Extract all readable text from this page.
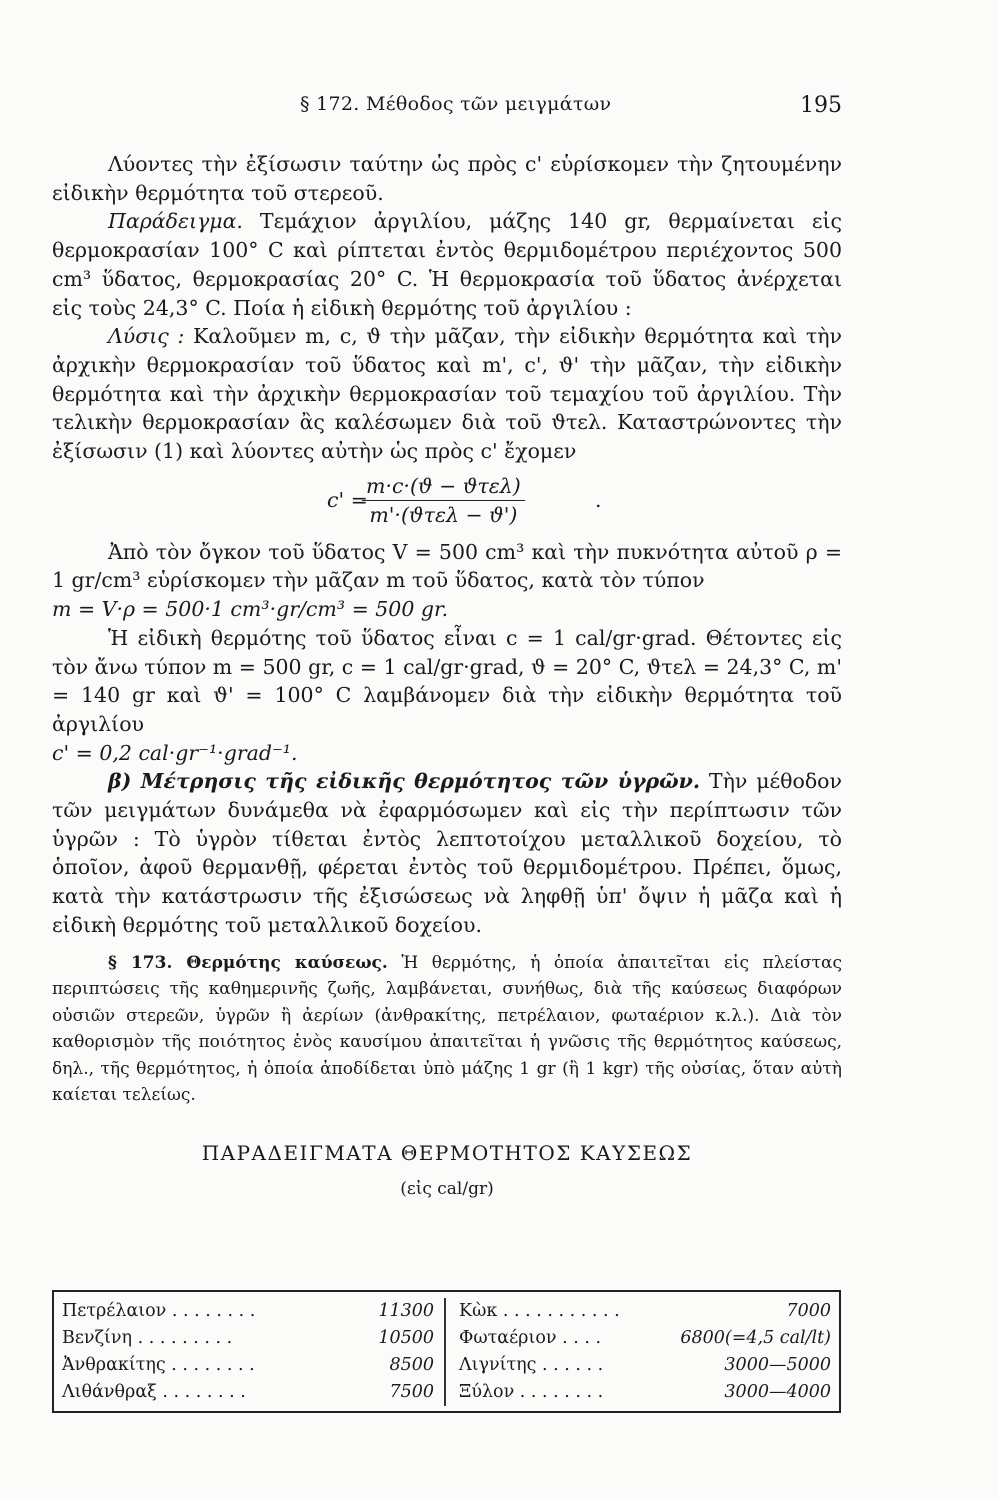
§ 172. Μέθοδος τῶν μειγμάτων	195

Λύοντες τὴν ἐξίσωσιν ταύτην ὡς πρὸς c' εὑρίσκομεν τὴν ζητουμένην εἰδικὴν θερμότητα τοῦ στερεοῦ.

Παράδειγμα. Τεμάχιον ἀργιλίου, μάζης 140 gr, θερμαίνεται εἰς θερμοκρασίαν 100° C καὶ ρίπτεται ἐντὸς θερμιδομέτρου περιέχοντος 500 cm³ ὕδατος, θερμοκρασίας 20° C. Ἡ θερμοκρασία τοῦ ὕδατος ἀνέρχεται εἰς τοὺς 24,3° C. Ποία ἡ εἰδικὴ θερμότης τοῦ ἀργιλίου :

Λύσις : Καλοῦμεν m, c, ϑ τὴν μᾶζαν, τὴν εἰδικὴν θερμότητα καὶ τὴν ἀρχικὴν θερμοκρασίαν τοῦ ὕδατος καὶ m', c', ϑ' τὴν μᾶζαν, τὴν εἰδικὴν θερμότητα καὶ τὴν ἀρχικὴν θερμοκρασίαν τοῦ τεμαχίου τοῦ ἀργιλίου. Τὴν τελικὴν θερμοκρασίαν ἂς καλέσωμεν διὰ τοῦ ϑτελ. Καταστρώνοντες τὴν ἐξίσωσιν (1) καὶ λύοντες αὐτὴν ὡς πρὸς c' ἔχομεν

c' =
m·c·(ϑ − ϑτελ)
m'·(ϑτελ − ϑ')
.

Ἀπὸ τὸν ὄγκον τοῦ ὕδατος V = 500 cm³ καὶ τὴν πυκνότητα αὐτοῦ ρ = 1 gr/cm³ εὑρίσκομεν τὴν μᾶζαν m τοῦ ὕδατος, κατὰ τὸν τύπον

m = V·ρ = 500·1 cm³·gr/cm³ = 500 gr.

Ἡ εἰδικὴ θερμότης τοῦ ὕδατος εἶναι c = 1 cal/gr·grad. Θέτοντες εἰς τὸν ἄνω τύπον m = 500 gr, c = 1 cal/gr·grad, ϑ = 20° C, ϑτελ = 24,3° C, m' = 140 gr καὶ ϑ' = 100° C λαμβάνομεν διὰ τὴν εἰδικὴν θερμότητα τοῦ ἀργιλίου

c' = 0,2 cal·gr⁻¹·grad⁻¹.

β) Μέτρησις τῆς εἰδικῆς θερμότητος τῶν ὑγρῶν. Τὴν μέθοδον τῶν μειγμάτων δυνάμεθα νὰ ἐφαρμόσωμεν καὶ εἰς τὴν περίπτωσιν τῶν ὑγρῶν : Τὸ ὑγρὸν τίθεται ἐντὸς λεπτοτοίχου μεταλλικοῦ δοχείου, τὸ ὁποῖον, ἀφοῦ θερμανθῇ, φέρεται ἐντὸς τοῦ θερμιδομέτρου. Πρέπει, ὅμως, κατὰ τὴν κατάστρωσιν τῆς ἐξισώσεως νὰ ληφθῇ ὑπ' ὄψιν ἡ μᾶζα καὶ ἡ εἰδικὴ θερμότης τοῦ μεταλλικοῦ δοχείου.

§ 173. Θερμότης καύσεως. Ἡ θερμότης, ἡ ὁποία ἀπαιτεῖται εἰς πλείστας περιπτώσεις τῆς καθημερινῆς ζωῆς, λαμβάνεται, συνήθως, διὰ τῆς καύσεως διαφόρων οὐσιῶν στερεῶν, ὑγρῶν ἢ ἀερίων (ἀνθρακίτης, πετρέλαιον, φωταέριον κ.λ.). Διὰ τὸν καθορισμὸν τῆς ποιότητος ἑνὸς καυσίμου ἀπαιτεῖται ἡ γνῶσις τῆς θερμότητος καύσεως, δηλ., τῆς θερμότητος, ἡ ὁποία ἀποδίδεται ὑπὸ μάζης 1 gr (ἢ 1 kgr) τῆς οὐσίας, ὅταν αὐτὴ καίεται τελείως.

ΠΑΡΑΔΕΙΓΜΑΤΑ ΘΕΡΜΟΤΗΤΟΣ ΚΑΥΣΕΩΣ
(εἰς cal/gr)
Πετρέλαιον . . . . . . . .	11300
Βενζίνη . . . . . . . . .	10500
Ἀνθρακίτης . . . . . . . .	8500
Λιθάνθραξ . . . . . . . .	7500
Κὼκ . . . . . . . . . . .	7000
Φωταέριον . . . .	6800(=4,5 cal/lt)
Λιγνίτης . . . . . .	3000—5000
Ξύλον . . . . . . . .	3000—4000
